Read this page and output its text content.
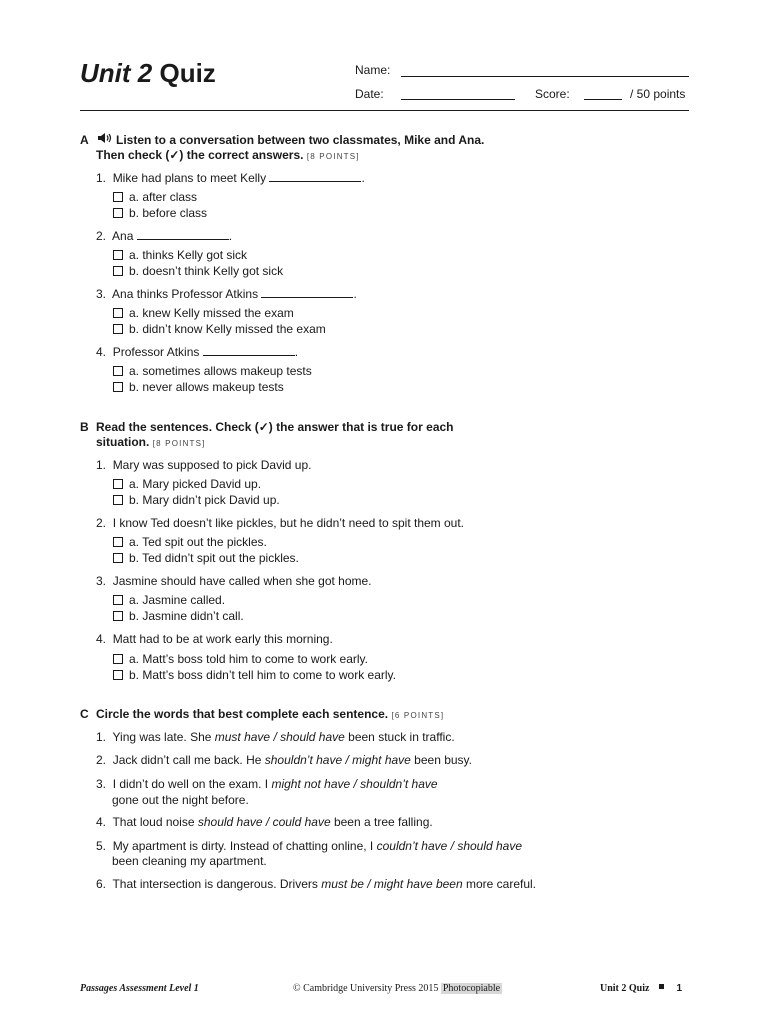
Unit 2 Quiz	Name:
Date:	Score:	/ 50 points
A Listen to a conversation between two classmates, Mike and Ana.
Then check (✓) the correct answers. [8 POINTS]
1. Mike had plans to meet Kelly	.
a. after class
b. before class
2. Ana	.
a. thinks Kelly got sick
b. doesn’t think Kelly got sick
3. Ana thinks Professor Atkins	.
a. knew Kelly missed the exam
b. didn’t know Kelly missed the exam
4. Professor Atkins	.
a. sometimes allows makeup tests
b. never allows makeup tests
B Read the sentences. Check (✓) the answer that is true for each
situation. [8 POINTS]
1. Mary was supposed to pick David up.
a. Mary picked David up.
b. Mary didn’t pick David up.
2. I know Ted doesn’t like pickles, but he didn’t need to spit them out.
a. Ted spit out the pickles.
b. Ted didn’t spit out the pickles.
3. Jasmine should have called when she got home.
a. Jasmine called.
b. Jasmine didn’t call.
4. Matt had to be at work early this morning.
a. Matt’s boss told him to come to work early.
b. Matt’s boss didn’t tell him to come to work early.
C Circle the words that best complete each sentence. [6 POINTS]
1. Ying was late. She must have / should have been stuck in traffic.
2. Jack didn’t call me back. He shouldn’t have / might have been busy.
3. I didn’t do well on the exam. I might not have / shouldn’t have
gone out the night before.
4. That loud noise should have / could have been a tree falling.
5. My apartment is dirty. Instead of chatting online, I couldn’t have / should have
been cleaning my apartment.
6. That intersection is dangerous. Drivers must be / might have been more careful.
Passages Assessment Level 1	© Cambridge University Press 2015 Photocopiable	Unit 2 Quiz	1
